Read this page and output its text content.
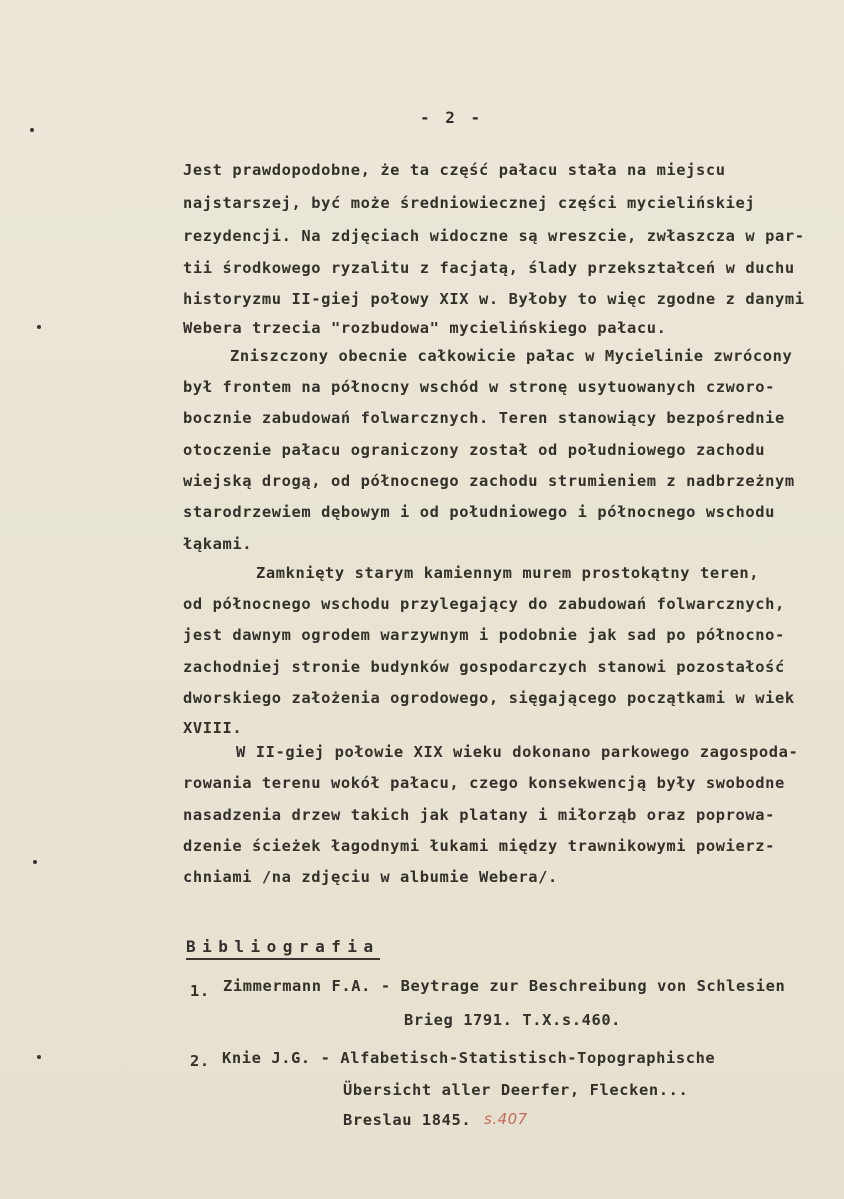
- 2 -
Jest prawdopodobne, że ta część pałacu stała na miejscu
najstarszej, być może średniowiecznej części mycielińskiej
rezydencji. Na zdjęciach widoczne są wreszcie, zwłaszcza w par-
tii środkowego ryzalitu z facjatą, ślady przekształceń w duchu
historyzmu II-giej połowy XIX w. Byłoby to więc zgodne z danymi
Webera trzecia "rozbudowa" mycielińskiego pałacu.
Zniszczony obecnie całkowicie pałac w Mycielinie zwrócony
był frontem na północny wschód w stronę usytuowanych czworo-
bocznie zabudowań folwarcznych. Teren stanowiący bezpośrednie
otoczenie pałacu ograniczony został od południowego zachodu
wiejską drogą, od północnego zachodu strumieniem z nadbrzeżnym
starodrzewiem dębowym i od południowego i północnego wschodu
łąkami.
Zamknięty starym kamiennym murem prostokątny teren,
od północnego wschodu przylegający do zabudowań folwarcznych,
jest dawnym ogrodem warzywnym i podobnie jak sad po północno-
zachodniej stronie budynków gospodarczych stanowi pozostałość
dworskiego założenia ogrodowego, sięgającego początkami w wiek
XVIII.
W II-giej połowie XIX wieku dokonano parkowego zagospoda-
rowania terenu wokół pałacu, czego konsekwencją były swobodne
nasadzenia drzew takich jak platany i miłorząb oraz poprowa-
dzenie ścieżek łagodnymi łukami między trawnikowymi powierz-
chniami /na zdjęciu w albumie Webera/.
Bibliografia
1. Zimmermann F.A. - Beytrage zur Beschreibung von Schlesien
Brieg 1791. T.X.s.460.
2. Knie J.G. - Alfabetisch-Statistisch-Topographische
Übersicht aller Deerfer, Flecken...
Breslau 1845. s.407
